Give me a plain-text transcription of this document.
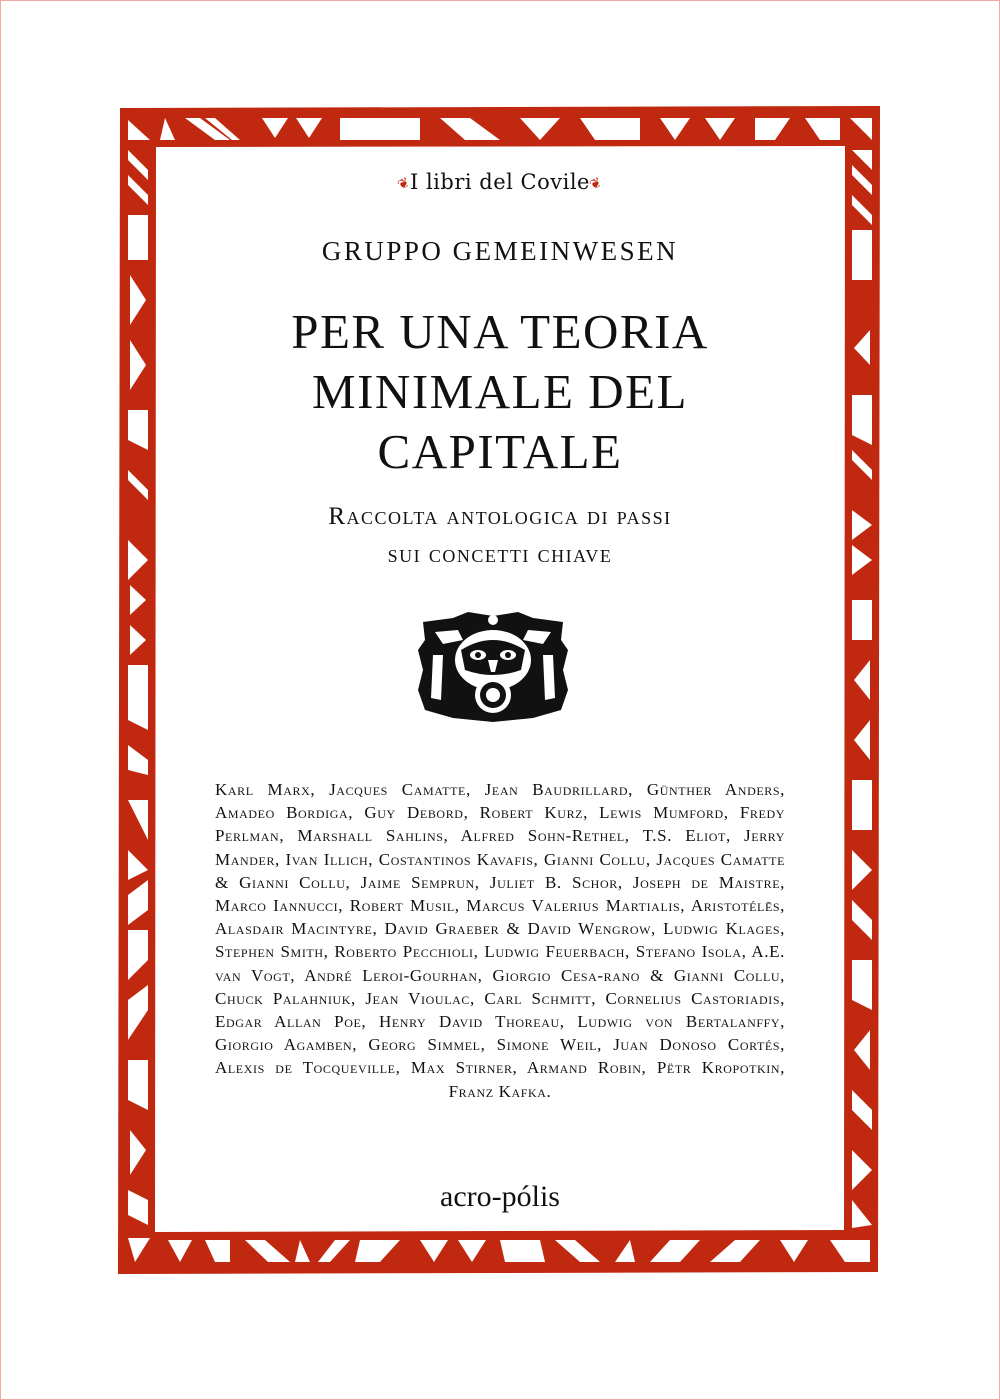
❦I libri del Covile❦
GRUPPO GEMEINWESEN
PER UNA TEORIA
MINIMALE DEL
CAPITALE
Raccolta antologica di passi
sui concetti chiave
Karl Marx, Jacques Camatte, Jean Baudrillard, Günther Anders, Amadeo Bordiga, Guy Debord, Robert Kurz, Lewis Mumford, Fredy Perlman, Marshall Sahlins, Alfred Sohn-Rethel, T.S. Eliot, Jerry Mander, Ivan Illich, Costantinos Kavafis, Gianni Collu, Jacques Camatte & Gianni Collu, Jaime Semprun, Juliet B. Schor, Joseph de Maistre, Marco Iannucci, Robert Musil, Marcus Valerius Martialis, Aristotélēs, Alasdair Macintyre, David Graeber & David Wengrow, Ludwig Klages, Stephen Smith, Roberto Pecchioli, Ludwig Feuerbach, Stefano Isola, A.E. van Vogt, André Leroi-Gourhan, Giorgio Cesa-rano & Gianni Collu, Chuck Palahniuk, Jean Vioulac, Carl Schmitt, Cornelius Castoriadis, Edgar Allan Poe, Henry David Thoreau, Ludwig von Bertalanffy, Giorgio Agamben, Georg Simmel, Simone Weil, Juan Donoso Cortés, Alexis de Tocqueville, Max Stirner, Armand Robin, Pëtr Kropotkin, Franz Kafka.
acro-pólis
